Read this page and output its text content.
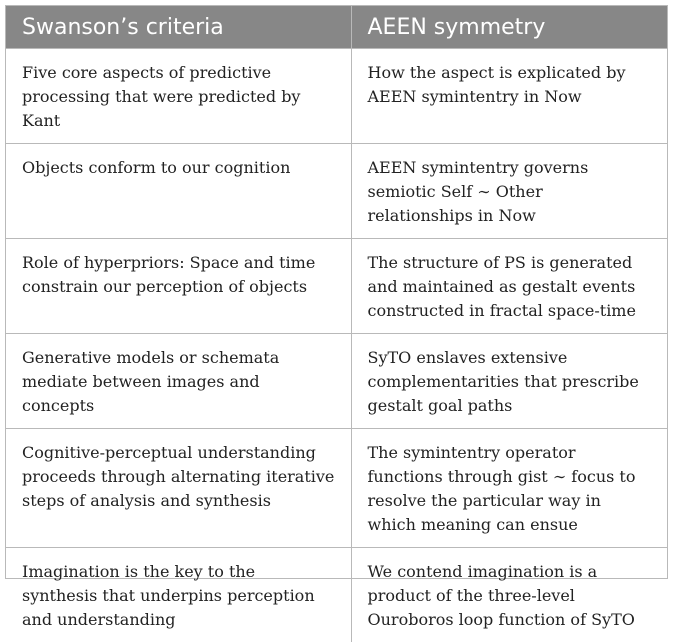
Swanson’s criteria	AEEN symmetry
Five core aspects of predictive processing that were predicted by Kant	How the aspect is explicated by AEEN symintentry in Now
Objects conform to our cognition	AEEN symintentry governs semiotic Self ∼ Other relationships in Now
Role of hyperpriors: Space and time constrain our perception of objects	The structure of PS is generated and maintained as gestalt events constructed in fractal space-time
Generative models or schemata mediate between images and concepts	SyTO enslaves extensive complementarities that prescribe gestalt goal paths
Cognitive-perceptual understanding proceeds through alternating iterative steps of analysis and synthesis	The symintentry operator functions through gist ∼ focus to resolve the particular way in which meaning can ensue
Imagination is the key to the synthesis that underpins perception and understanding	We contend imagination is a product of the three-level Ouroboros loop function of SyTO
